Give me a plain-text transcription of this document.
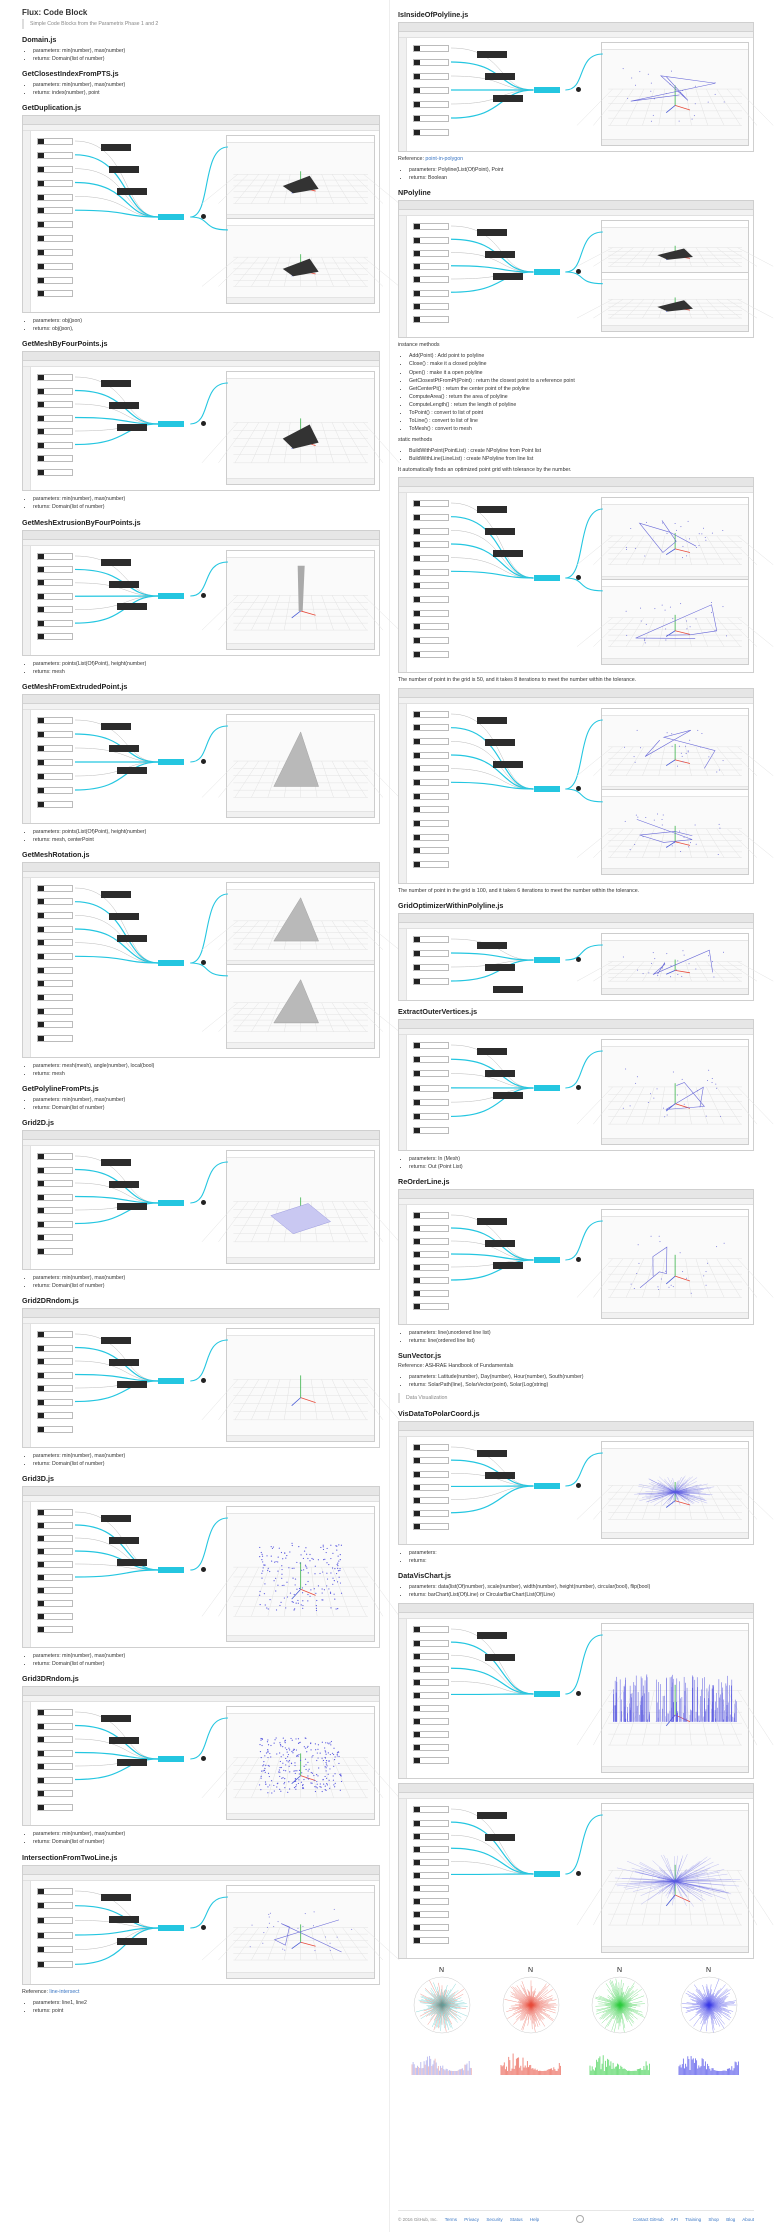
Flux: Code Block

Simple Code Blocks from the Parametrix Phase 1 and 2

Domain.js
• parameters: min(number), max(number)
• returns: Domain(list of number)
GetClosestIndexFromPTS.js
• parameters: min(number), max(number)
• returns: index(number), point
GetDuplication.js
• parameters: obj(json)
• returns: obj(json),
GetMeshByFourPoints.js
• parameters: min(number), max(number)
• returns: Domain(list of number)
GetMeshExtrusionByFourPoints.js
• parameters: points(List(Of)Point), height(number)
• returns: mesh
GetMeshFromExtrudedPoint.js
• parameters: points(List(Of)Point), height(number)
• returns: mesh, centerPoint
GetMeshRotation.js
• parameters: mesh(mesh), angle(number), local(bool)
• returns: mesh
GetPolylineFromPts.js
• parameters: min(number), max(number)
• returns: Domain(list of number)
Grid2D.js
• parameters: min(number), max(number)
• returns: Domain(list of number)
Grid2DRndom.js
• parameters: min(number), max(number)
• returns: Domain(list of number)
Grid3D.js
• parameters: min(number), max(number)
• returns: Domain(list of number)
Grid3DRndom.js
• parameters: min(number), max(number)
• returns: Domain(list of number)
IntersectionFromTwoLine.js

Reference: line-intersect

• parameters: line1, line2
• returns: point
IsInsideOfPolyline.js

Reference: point-in-polygon

• parameters: Polyline(List(Of)Point), Point
• returns: Boolean
NPolyline

instance methods

• Add(Point) : Add point to polyline
• Close() : make it a closed polyline
• Open() : make it a open polyline
• GetClosestPtFromPt(Point) : return the closest point to a reference point
• GetCenterPt() : return the center point of the polyline
• ComputeArea() : return the area of polyline
• ComputeLength() : return the length of polyline
• ToPoint() : convert to list of point
• ToLine() : convert to list of line
• ToMesh() : convert to mesh

static methods

• BuildWithPoint(PointList) : create NPolyline from Point list
• BuildWithLine(LineList) : create NPolyline from line list

It automatically finds an optimized point grid with tolerance by the number.

The number of point in the grid is 50, and it takes 8 iterations to meet the number within the tolerance.

The number of point in the grid is 100, and it takes 6 iterations to meet the number within the tolerance.

GridOptimizerWithinPolyline.js
ExtractOuterVertices.js
• parameters: In (Mesh)
• returns: Out (Point List)
ReOrderLine.js
• parameters: line(unordered line list)
• returns: line(ordered line list)
SunVector.js

Reference: ASHRAE Handbook of Fundamentals

• parameters: Latitude(number), Day(number), Hour(number), South(number)
• returns: SolarPath(line), SolarVector(point), Solar(Log(string)

Data Visualization

VisDataToPolarCoord.js
• parameters:
• returns:
DataVisChart.js
• parameters: data(list(Of)number), scale(number), width(number), height(number), circular(bool), flip(bool)
• returns: barChart(List(Of)Line) or CircularBarChart(List(Of)Line)
N	N	N	N
© 2016 GitHub, Inc. Terms Privacy Security Status Help	Contact GitHub API Training Shop Blog About
